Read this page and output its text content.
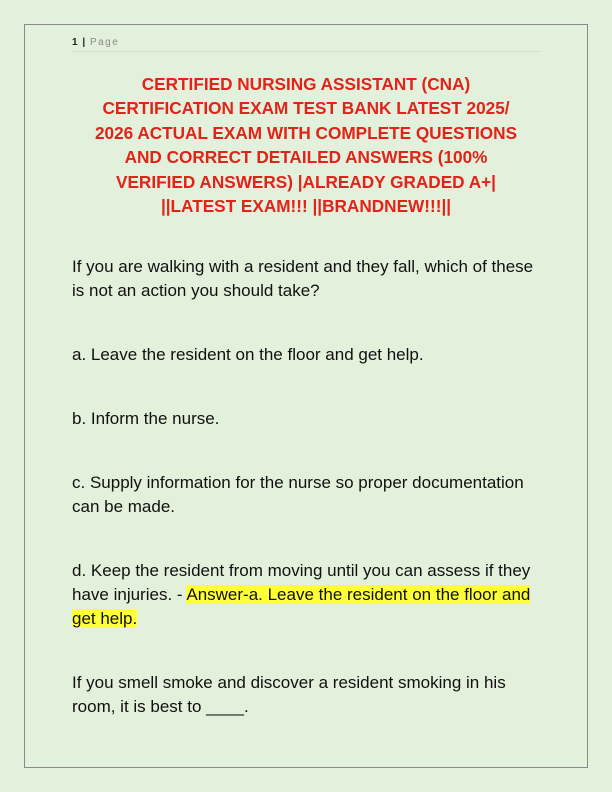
1 | Page
CERTIFIED NURSING ASSISTANT (CNA)
CERTIFICATION EXAM TEST BANK LATEST 2025/
2026 ACTUAL EXAM WITH COMPLETE QUESTIONS
AND CORRECT DETAILED ANSWERS (100%
VERIFIED ANSWERS) |ALREADY GRADED A+|
||LATEST EXAM!!! ||BRANDNEW!!!||
If you are walking with a resident and they fall, which of these is not an action you should take?
a. Leave the resident on the floor and get help.
b. Inform the nurse.
c. Supply information for the nurse so proper documentation can be made.
d. Keep the resident from moving until you can assess if they have injuries. - Answer-a. Leave the resident on the floor and get help.
If you smell smoke and discover a resident smoking in his room, it is best to ____.
